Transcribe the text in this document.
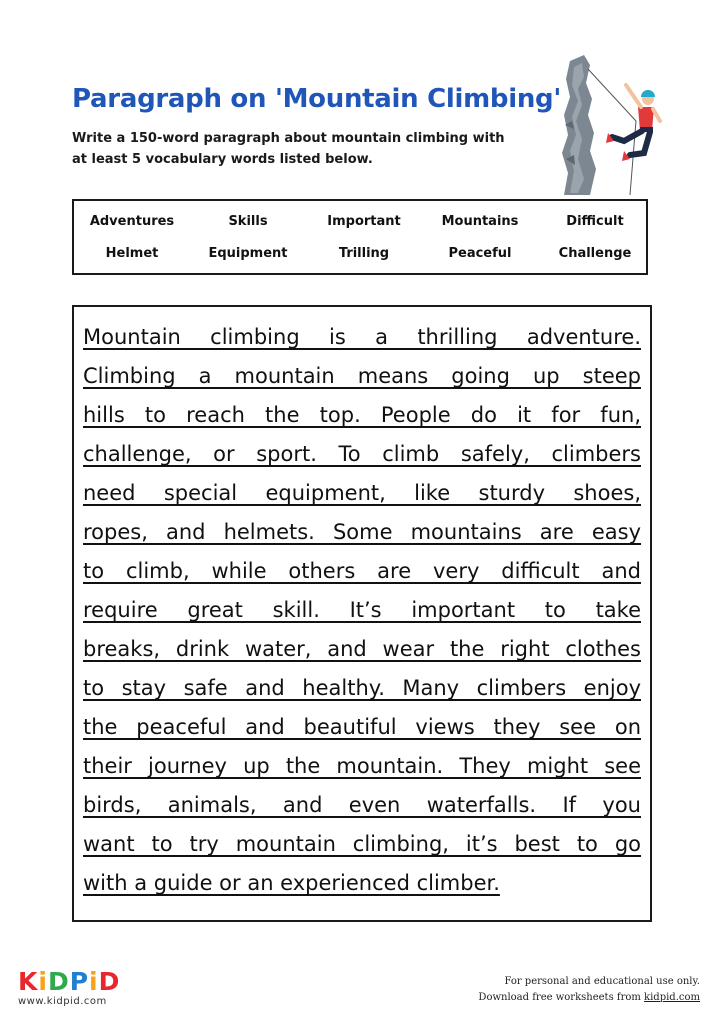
Paragraph on 'Mountain Climbing'

Write a 150-word paragraph about mountain climbing with at least 5 vocabulary words listed below.

Adventures	Skills	Important	Mountains	Difficult
Helmet	Equipment	Trilling	Peaceful	Challenge
Mountain climbing is a thrilling adventure.
Climbing a mountain means going up steep
hills to reach the top. People do it for fun,
challenge, or sport. To climb safely, climbers
need special equipment, like sturdy shoes,
ropes, and helmets. Some mountains are easy
to climb, while others are very difficult and
require great skill. It’s important to take
breaks, drink water, and wear the right clothes
to stay safe and healthy. Many climbers enjoy
the peaceful and beautiful views they see on
their journey up the mountain. They might see
birds, animals, and even waterfalls. If you
want to try mountain climbing, it’s best to go
with a guide or an experienced climber.
KiDPiD
www.kidpid.com
For personal and educational use only.
Download free worksheets from kidpid.com
